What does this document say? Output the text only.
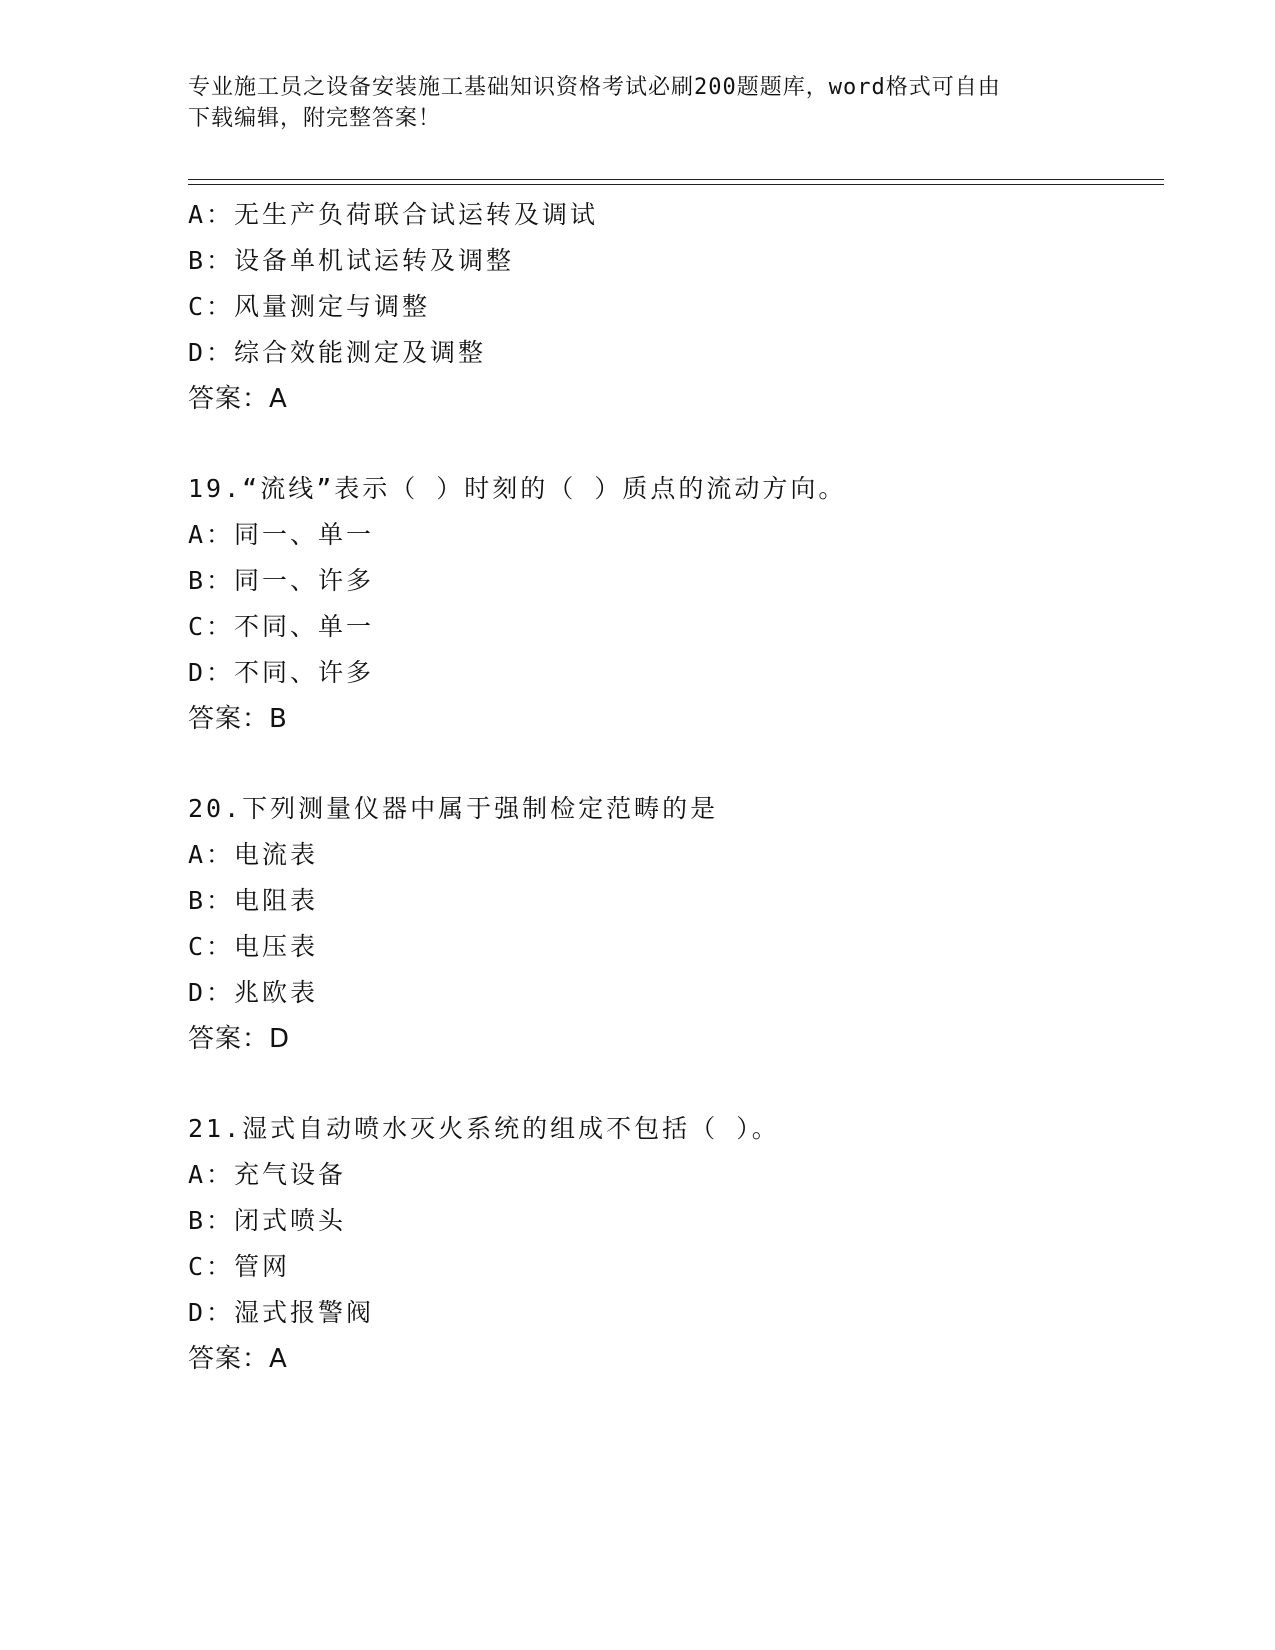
专业施工员之设备安装施工基础知识资格考试必刷200题题库，word格式可自由
下载编辑，附完整答案！
A：无生产负荷联合试运转及调试
B：设备单机试运转及调整
C：风量测定与调整
D：综合效能测定及调整
答案：A
19.“流线”表示（ ）时刻的（ ）质点的流动方向。
A：同一、单一
B：同一、许多
C：不同、单一
D：不同、许多
答案：B
20.下列测量仪器中属于强制检定范畴的是
A：电流表
B：电阻表
C：电压表
D：兆欧表
答案：D
21.湿式自动喷水灭火系统的组成不包括（ ）。
A：充气设备
B：闭式喷头
C：管网
D：湿式报警阀
答案：A
